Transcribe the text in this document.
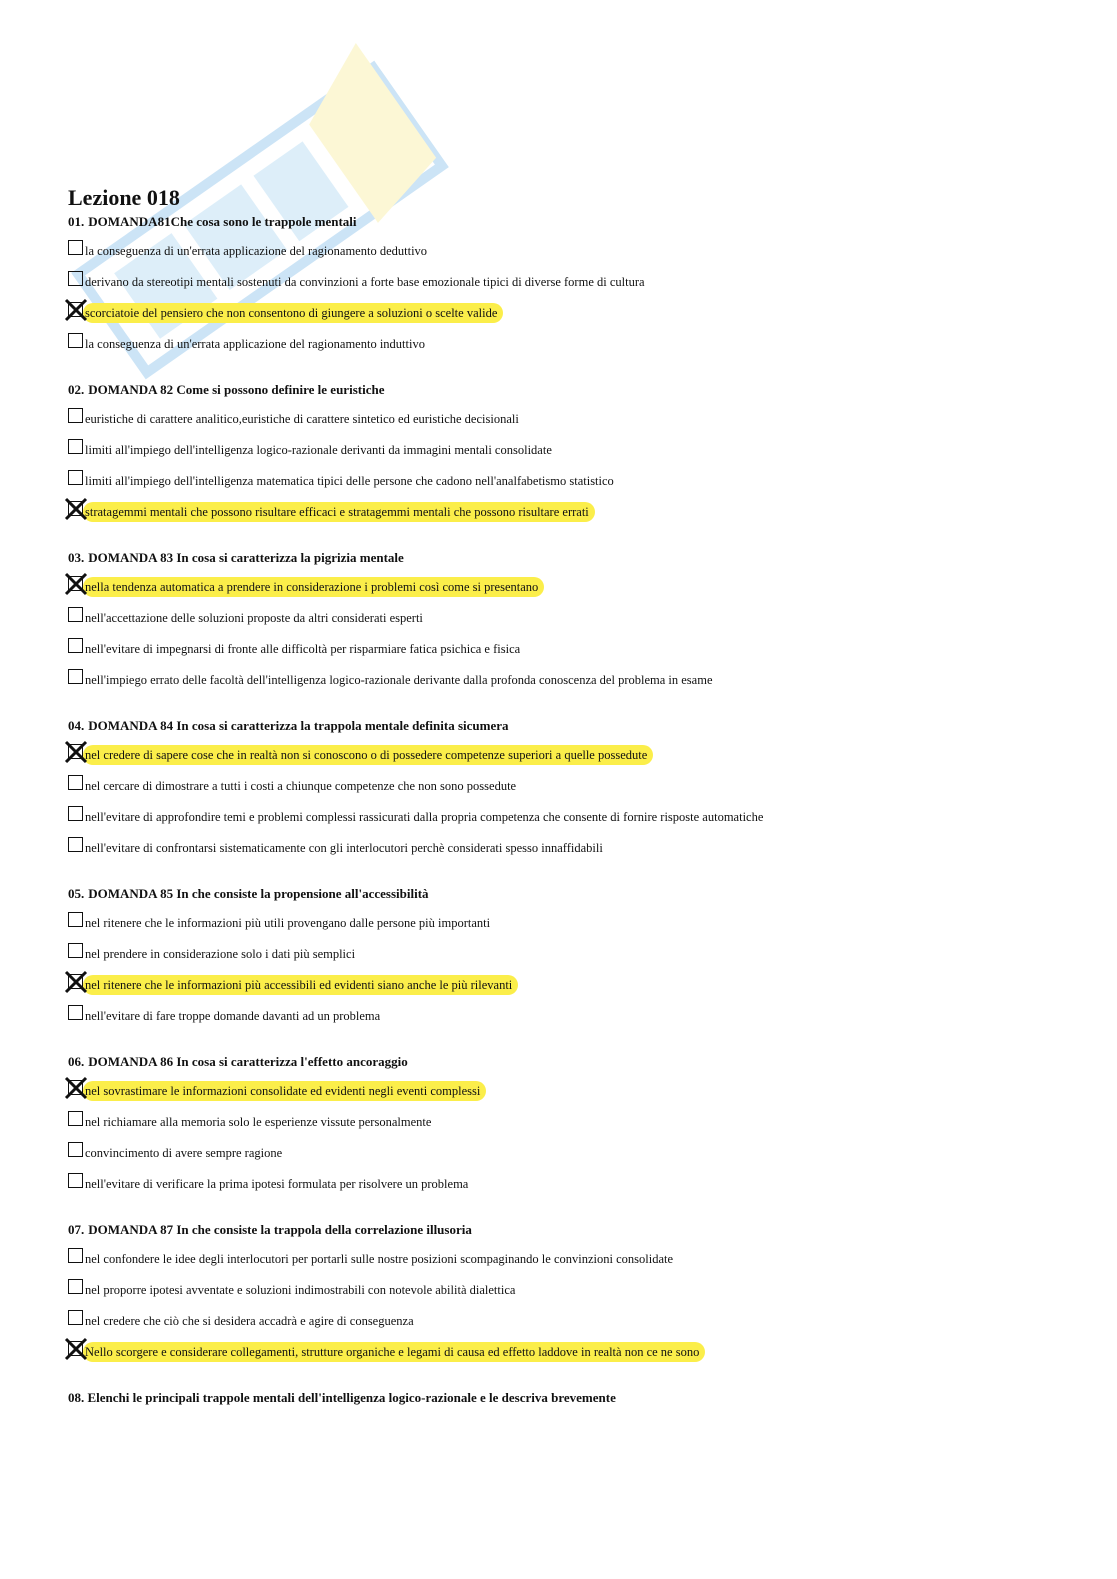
Lezione 018
01. DOMANDA81Che cosa sono le trappole mentali
la conseguenza di un'errata applicazione del ragionamento deduttivo
derivano da stereotipi mentali sostenuti da convinzioni a forte base emozionale tipici di diverse forme di cultura
scorciatoie del pensiero che non consentono di giungere a soluzioni o scelte valide
la conseguenza di un'errata applicazione del ragionamento induttivo
02. DOMANDA 82 Come si possono definire le euristiche
euristiche di carattere analitico,euristiche di carattere sintetico ed euristiche decisionali
limiti all'impiego dell'intelligenza logico-razionale derivanti da immagini mentali consolidate
limiti all'impiego dell'intelligenza matematica tipici delle persone che cadono nell'analfabetismo statistico
stratagemmi mentali che possono risultare efficaci e stratagemmi mentali che possono risultare errati
03. DOMANDA 83 In cosa si caratterizza la pigrizia mentale
nella tendenza automatica a prendere in considerazione i problemi così come si presentano
nell'accettazione delle soluzioni proposte da altri considerati esperti
nell'evitare di impegnarsi di fronte alle difficoltà per risparmiare fatica psichica e fisica
nell'impiego errato delle facoltà dell'intelligenza logico-razionale derivante dalla profonda conoscenza del problema in esame
04. DOMANDA 84 In cosa si caratterizza la trappola mentale definita sicumera
nel credere di sapere cose che in realtà non si conoscono o di possedere competenze superiori a quelle possedute
nel cercare di dimostrare a tutti i costi a chiunque competenze che non sono possedute
nell'evitare di approfondire temi e problemi complessi rassicurati dalla propria competenza che consente di fornire risposte automatiche
nell'evitare di confrontarsi sistematicamente con gli interlocutori perchè considerati spesso innaffidabili
05. DOMANDA 85 In che consiste la propensione all'accessibilità
nel ritenere che le informazioni più utili provengano dalle persone più importanti
nel prendere in considerazione solo i dati più semplici
nel ritenere che le informazioni più accessibili ed evidenti siano anche le più rilevanti
nell'evitare di fare troppe domande davanti ad un problema
06. DOMANDA 86 In cosa si caratterizza l'effetto ancoraggio
nel sovrastimare le informazioni consolidate ed evidenti negli eventi complessi
nel richiamare alla memoria solo le esperienze vissute personalmente
convincimento di avere sempre ragione
nell'evitare di verificare la prima ipotesi formulata per risolvere un problema
07. DOMANDA 87 In che consiste la trappola della correlazione illusoria
nel confondere le idee degli interlocutori per portarli sulle nostre posizioni scompaginando le convinzioni consolidate
nel proporre ipotesi avventate e soluzioni indimostrabili con notevole abilità dialettica
nel credere che ciò che si desidera accadrà e agire di conseguenza
Nello scorgere e considerare collegamenti, strutture organiche e legami di causa ed effetto laddove in realtà non ce ne sono
08. Elenchi le principali trappole mentali dell'intelligenza logico-razionale e le descriva brevemente
